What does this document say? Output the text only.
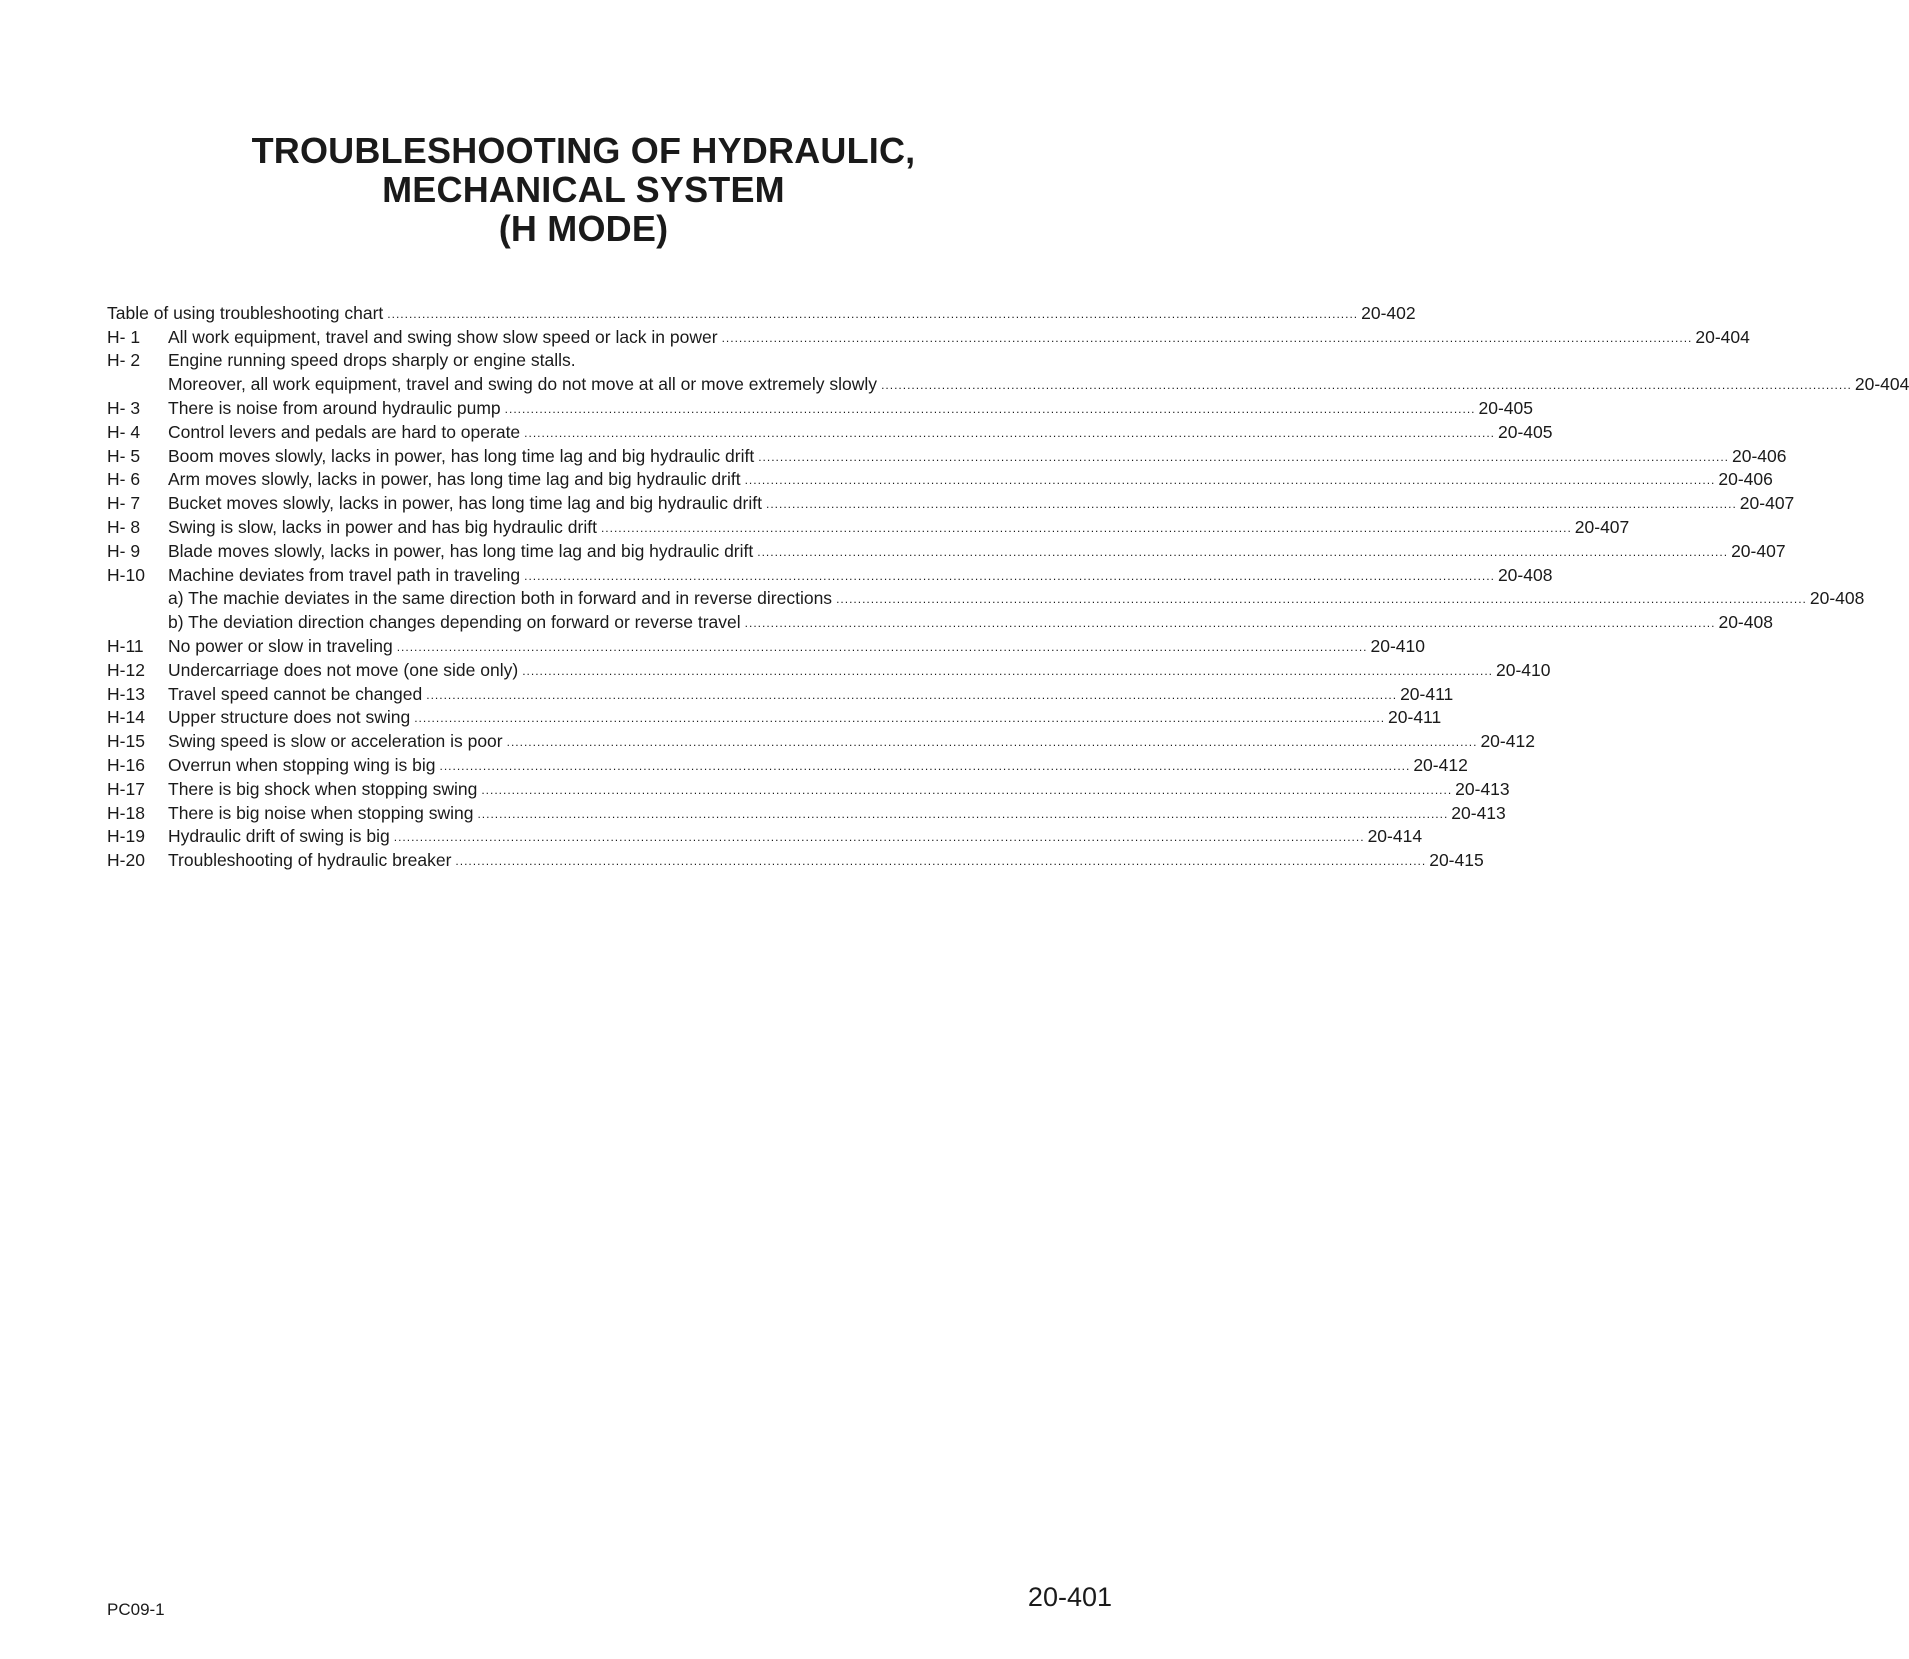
TROUBLESHOOTING OF HYDRAULIC,
MECHANICAL SYSTEM
(H MODE)
Table of using troubleshooting chart .....	20-402
H- 1	All work equipment, travel and swing show slow speed or lack in power .....	20-404
H- 2	Engine running speed drops sharply or engine stalls.
Moreover, all work equipment, travel and swing do not move at all or move extremely slowly .....	20-404
H- 3	There is noise from around hydraulic pump .....	20-405
H- 4	Control levers and pedals are hard to operate .....	20-405
H- 5	Boom moves slowly, lacks in power, has long time lag and big hydraulic drift .....	20-406
H- 6	Arm moves slowly, lacks in power, has long time lag and big hydraulic drift .....	20-406
H- 7	Bucket moves slowly, lacks in power, has long time lag and big hydraulic drift .....	20-407
H- 8	Swing is slow, lacks in power and has big hydraulic drift .....	20-407
H- 9	Blade moves slowly, lacks in power, has long time lag and big hydraulic drift .....	20-407
H-10	Machine deviates from travel path in traveling .....	20-408
a) The machie deviates in the same direction both in forward and in reverse directions .....	20-408
b) The deviation direction changes depending on forward or reverse travel .....	20-408
H-11	No power or slow in traveling .....	20-410
H-12	Undercarriage does not move (one side only) .....	20-410
H-13	Travel speed cannot be changed .....	20-411
H-14	Upper structure does not swing .....	20-411
H-15	Swing speed is slow or acceleration is poor .....	20-412
H-16	Overrun when stopping wing is big .....	20-412
H-17	There is big shock when stopping swing .....	20-413
H-18	There is big noise when stopping swing .....	20-413
H-19	Hydraulic drift of swing is big .....	20-414
H-20	Troubleshooting of hydraulic breaker .....	20-415
PC09-1	20-401
